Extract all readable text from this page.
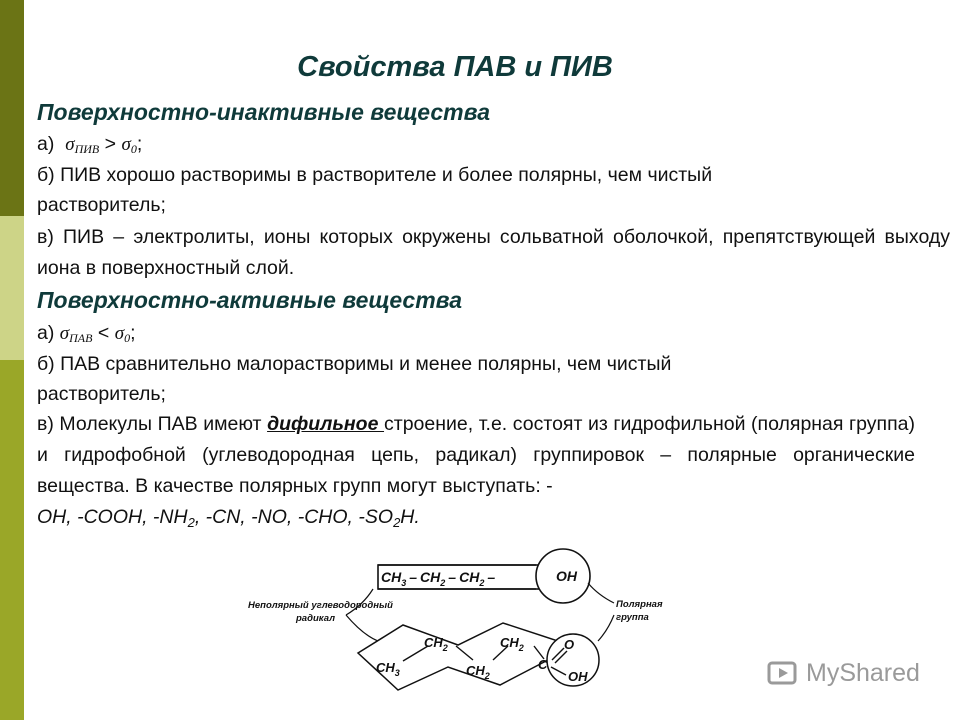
Свойства ПАВ и ПИВ
Поверхностно-инактивные вещества

а) $\sigma_{ПИВ} > \sigma_0$;

б) ПИВ хорошо растворимы в растворителе и более полярны, чем чистый

растворитель;

в) ПИВ – электролиты, ионы которых окружены сольватной оболочкой, препятствующей выходу иона в поверхностный слой.

Поверхностно-активные вещества

а) $\sigma_{ПАВ} < \sigma_0$;

б) ПАВ сравнительно малорастворимы и менее полярны, чем чистый

растворитель;

в) Молекулы ПАВ имеют дифильное строение, т.е. состоят из гидрофильной (полярная группа) и гидрофобной (углеводородная цепь, радикал) группировок – полярные органические вещества. В качестве полярных групп могут выступать: -

OH, -COOH, $-NH_2$, -CN, -NO, -CHO, $-SO_2H$.

$CH_3 - CH_2 - CH_2$ –	OH
Неполярный углеводородный
радикал
Полярная
группа
$CH_3$
$CH_2$
$CH_2$
$CH_2$
C
O
OH	MyShared
